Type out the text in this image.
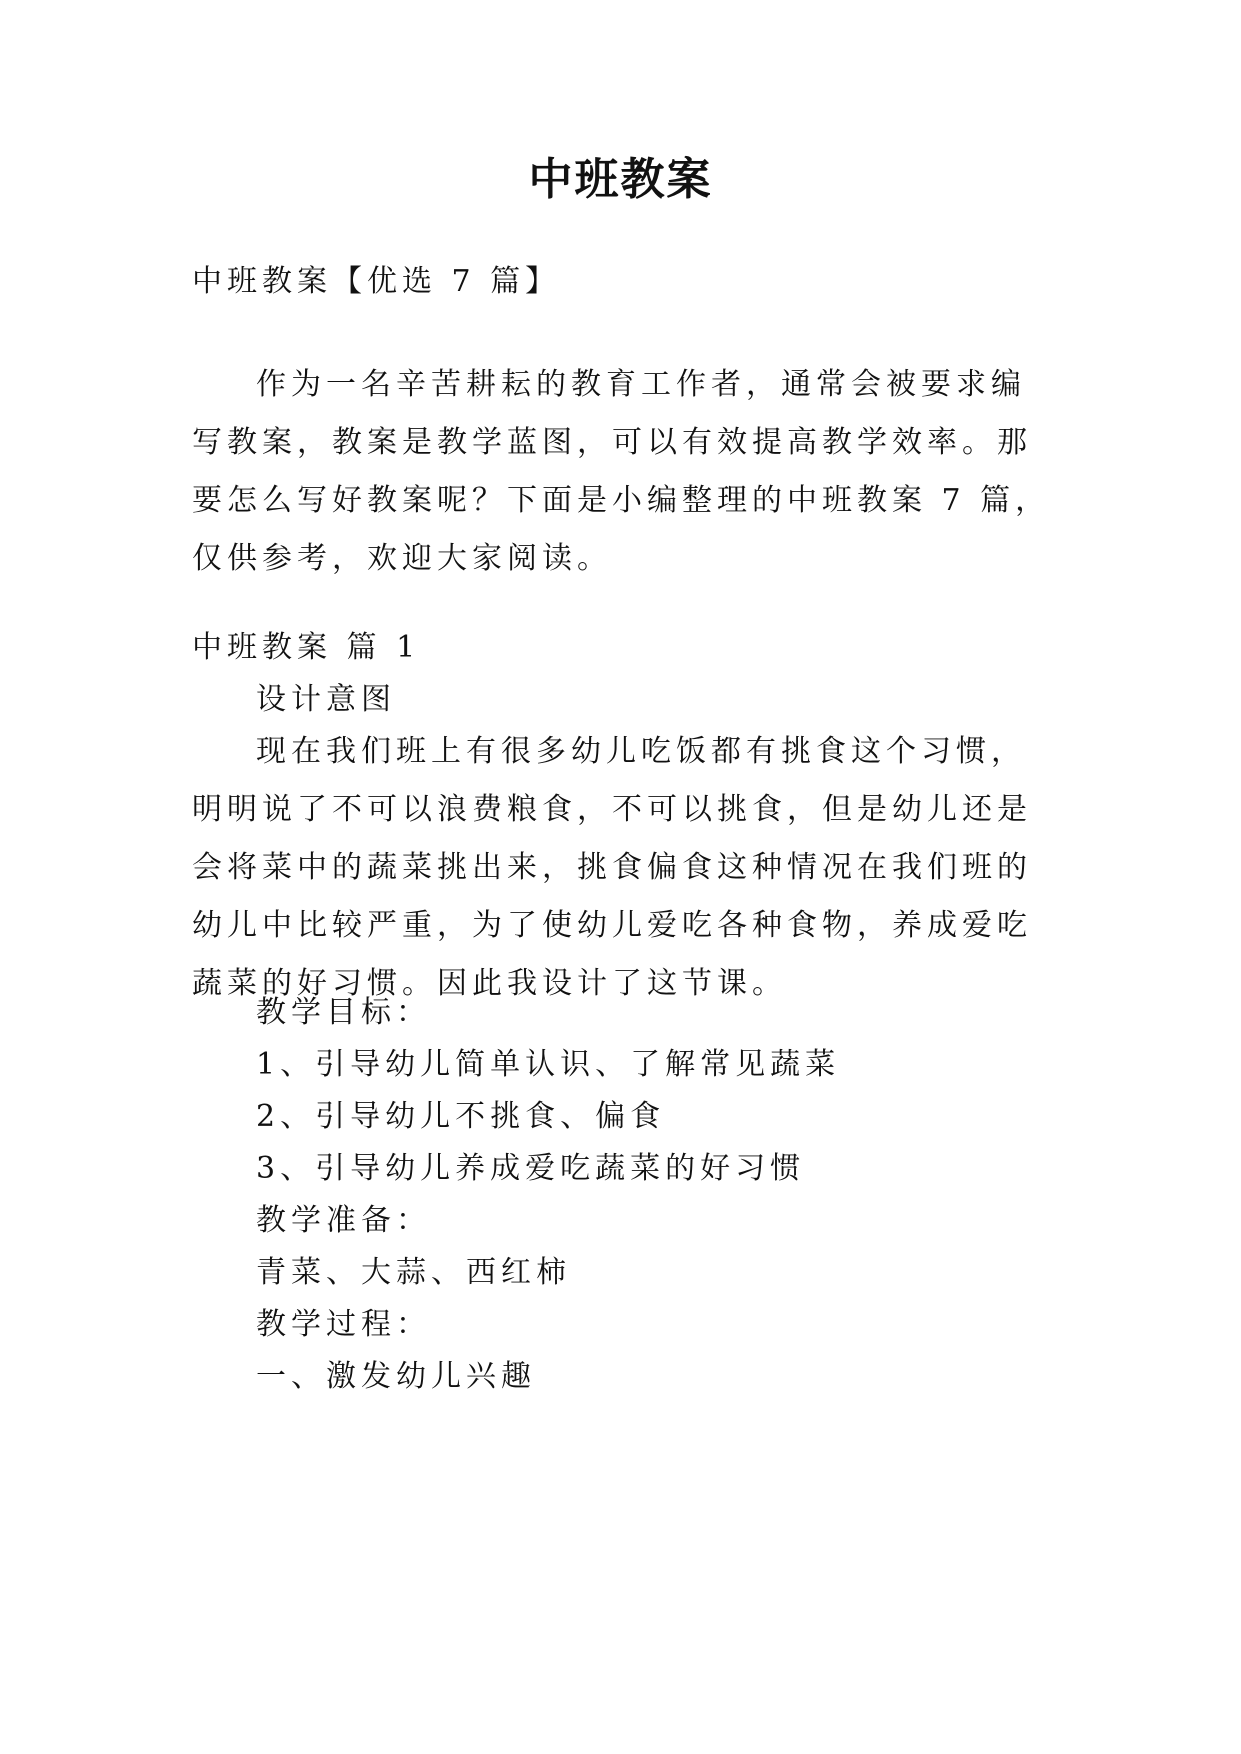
中班教案

中班教案【优选 7 篇】

作为一名辛苦耕耘的教育工作者，通常会被要求编写教案，教案是教学蓝图，可以有效提高教学效率。那要怎么写好教案呢？下面是小编整理的中班教案 7 篇，仅供参考，欢迎大家阅读。

中班教案 篇 1

设计意图

现在我们班上有很多幼儿吃饭都有挑食这个习惯，明明说了不可以浪费粮食，不可以挑食，但是幼儿还是会将菜中的蔬菜挑出来，挑食偏食这种情况在我们班的幼儿中比较严重，为了使幼儿爱吃各种食物，养成爱吃蔬菜的好习惯。因此我设计了这节课。

教学目标：

1、引导幼儿简单认识、了解常见蔬菜

2、引导幼儿不挑食、偏食

3、引导幼儿养成爱吃蔬菜的好习惯

教学准备：

青菜、大蒜、西红柿

教学过程：

一、激发幼儿兴趣
